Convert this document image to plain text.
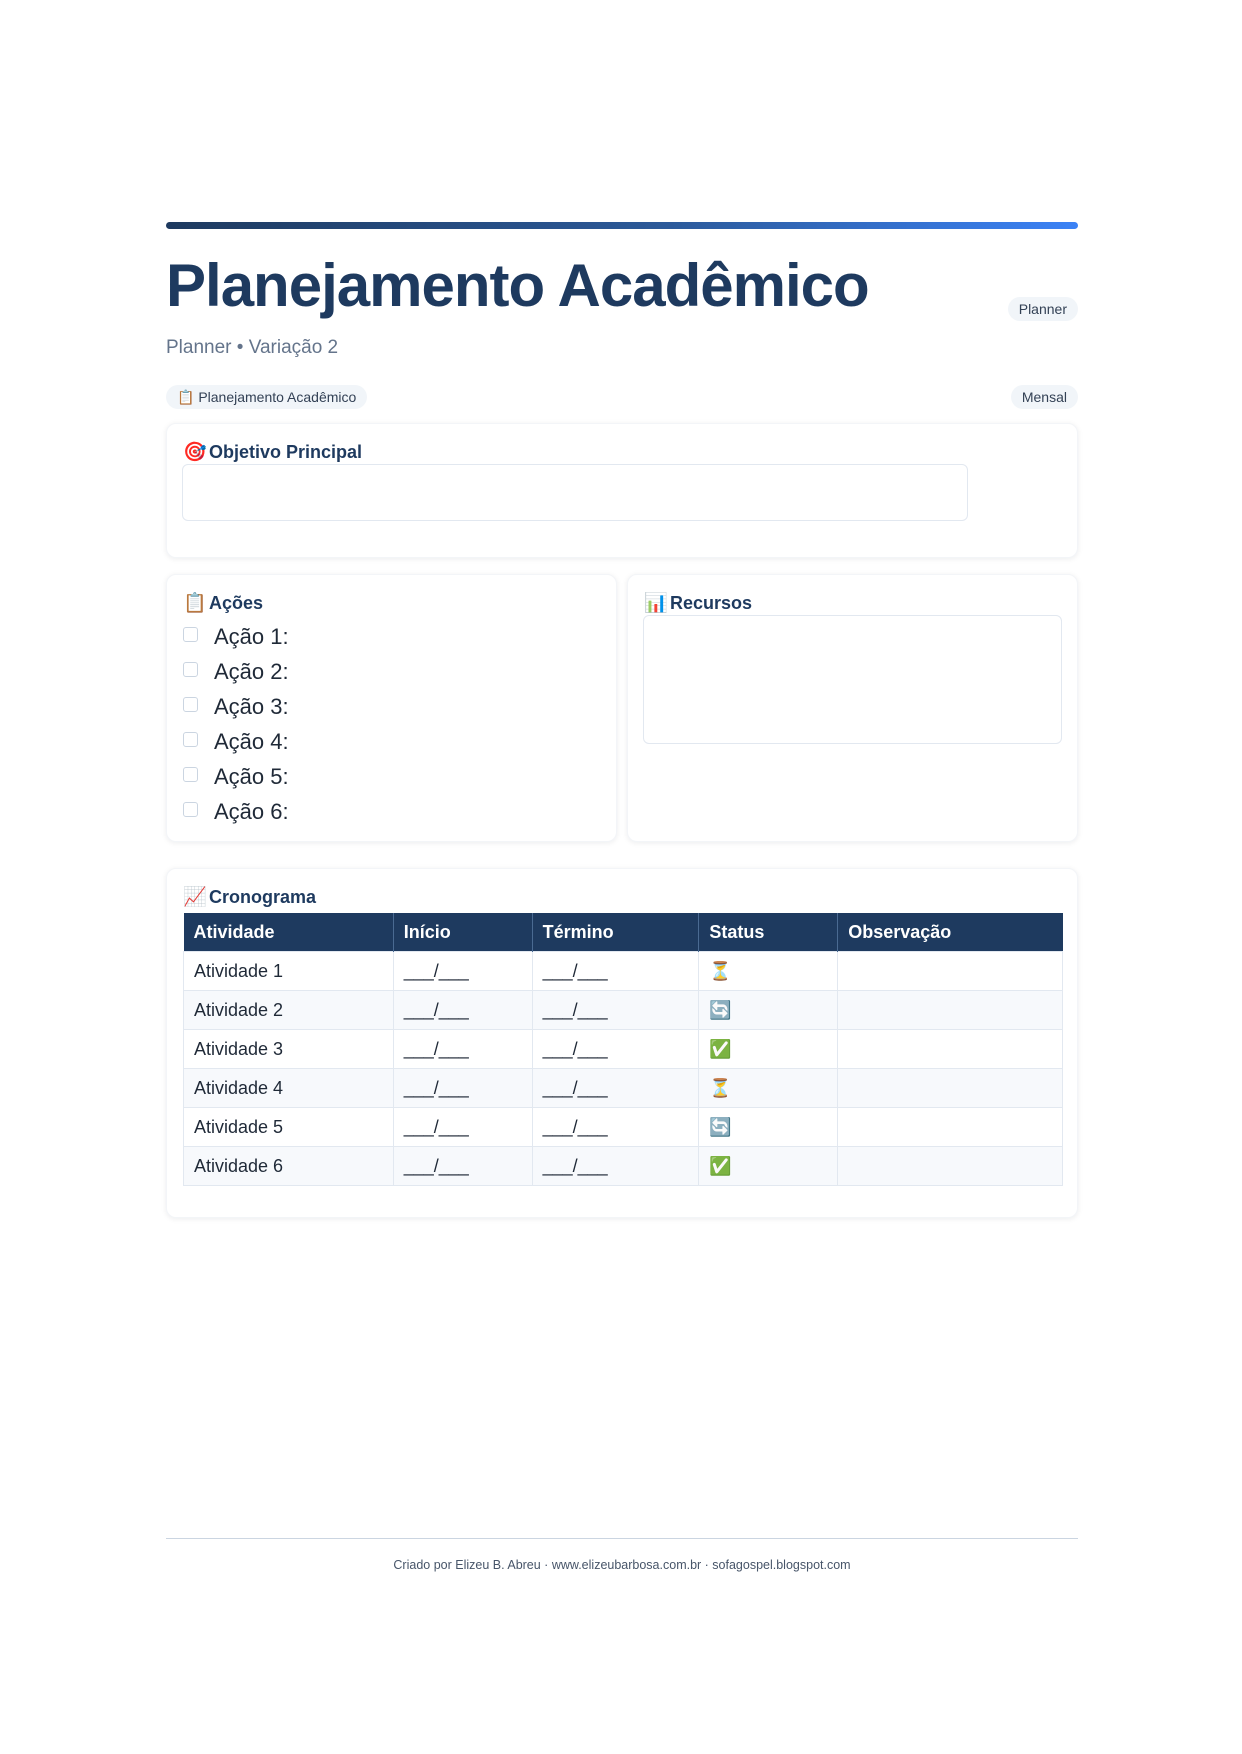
Planejamento Acadêmico	Planner
Planner • Variação 2
📋 Planejamento Acadêmico	Mensal
🎯 Objetivo Principal
📋 Ações
Ação 1:
Ação 2:
Ação 3:
Ação 4:
Ação 5:
Ação 6:
📊 Recursos
📈 Cronograma
Atividade	Início	Término	Status	Observação
Atividade 1	___/___	___/___	⏳	
Atividade 2	___/___	___/___	🔄	
Atividade 3	___/___	___/___	✅	
Atividade 4	___/___	___/___	⏳	
Atividade 5	___/___	___/___	🔄	
Atividade 6	___/___	___/___	✅	
Criado por Elizeu B. Abreu · www.elizeubarbosa.com.br · sofagospel.blogspot.com
